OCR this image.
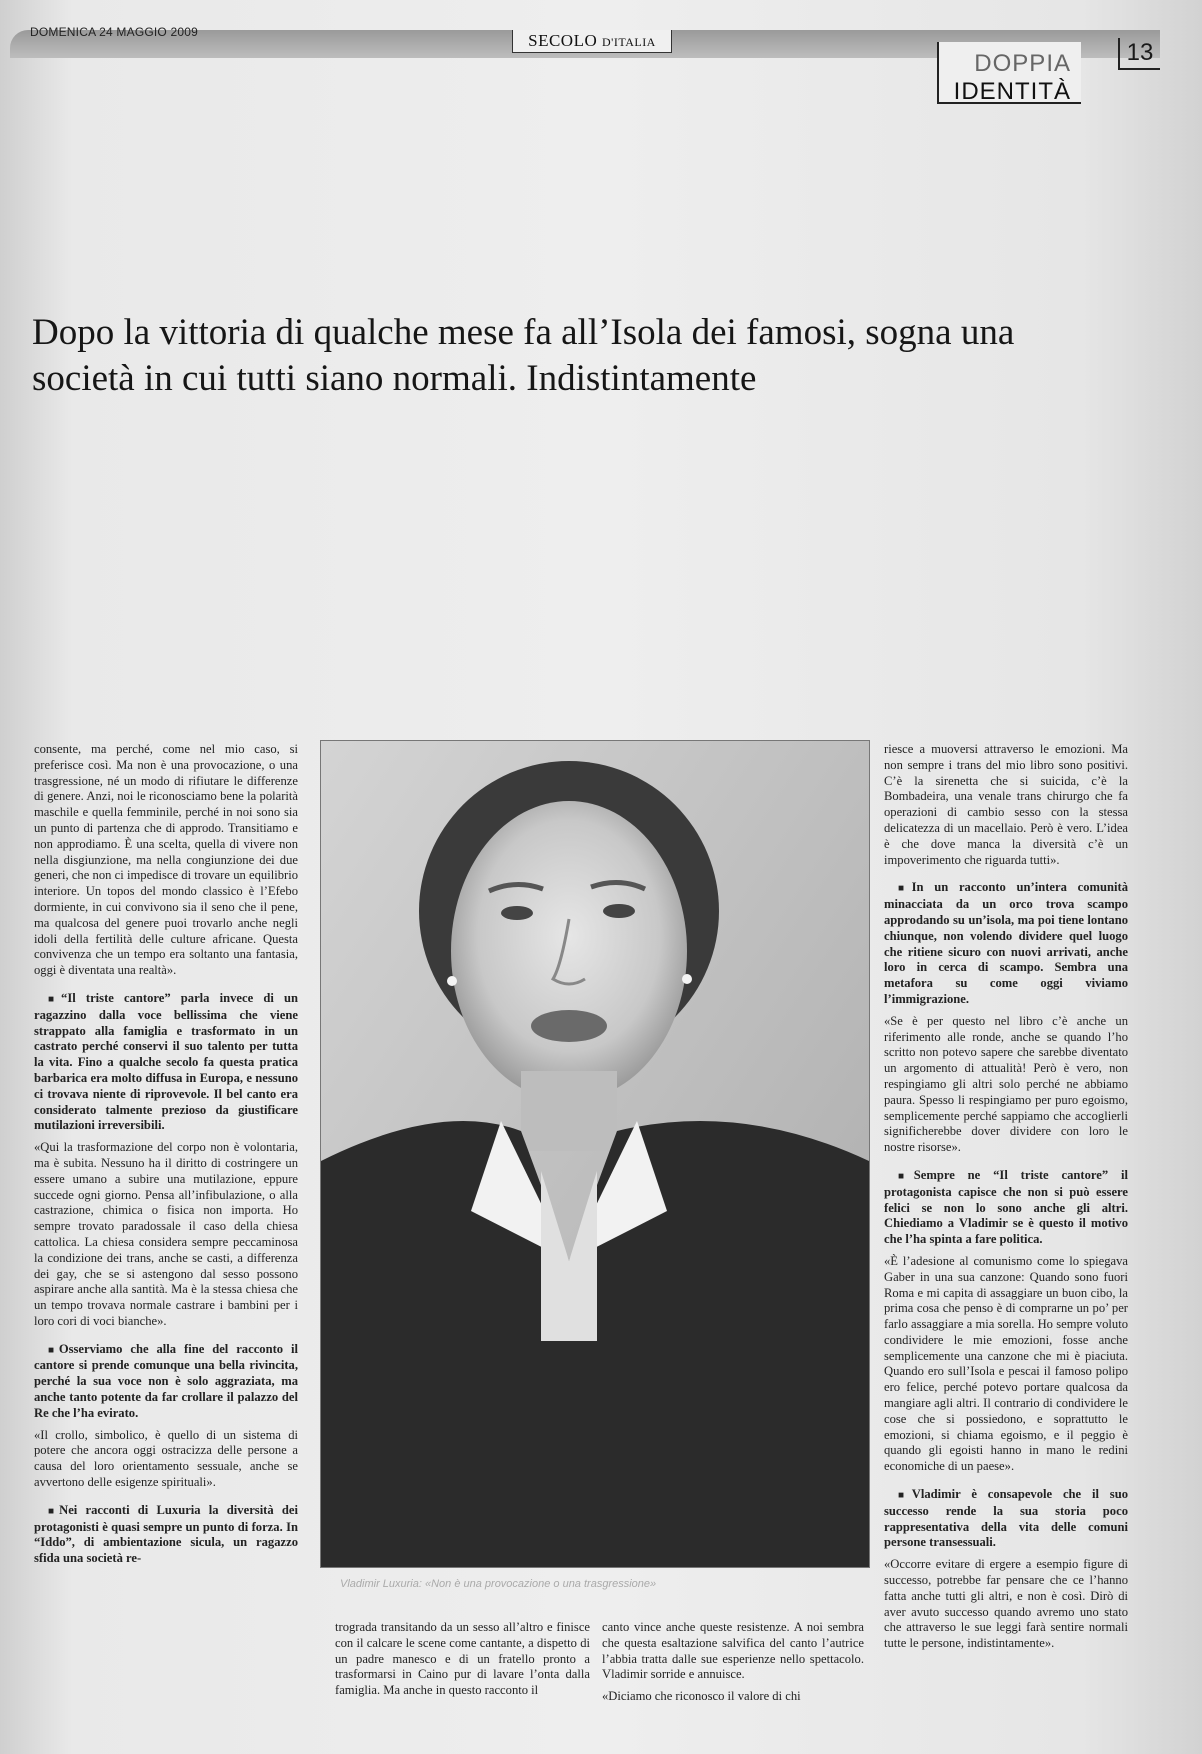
DOMENICA 24 MAGGIO 2009	SECOLO D'ITALIA
DOPPIA
IDENTITÀ
13
Dopo la vittoria di qualche mese fa all’Isola dei famosi, sogna una società in cui tutti siano normali. Indistintamente

consente, ma perché, come nel mio caso, si preferisce così. Ma non è una provocazione, o una trasgressione, né un modo di rifiutare le differenze di genere. Anzi, noi le riconosciamo bene la polarità maschile e quella femminile, perché in noi sono sia un punto di partenza che di approdo. Transitiamo e non approdiamo. È una scelta, quella di vivere non nella disgiunzione, ma nella congiunzione dei due generi, che non ci impedisce di trovare un equilibrio interiore. Un topos del mondo classico è l’Efebo dormiente, in cui convivono sia il seno che il pene, ma qualcosa del genere puoi trovarlo anche negli idoli della fertilità delle culture africane. Questa convivenza che un tempo era soltanto una fantasia, oggi è diventata una realtà».

■ “Il triste cantore” parla invece di un ragazzino dalla voce bellissima che viene strappato alla famiglia e trasformato in un castrato perché conservi il suo talento per tutta la vita. Fino a qualche secolo fa questa pratica barbarica era molto diffusa in Europa, e nessuno ci trovava niente di riprovevole. Il bel canto era considerato talmente prezioso da giustificare mutilazioni irreversibili.

«Qui la trasformazione del corpo non è volontaria, ma è subita. Nessuno ha il diritto di costringere un essere umano a subire una mutilazione, eppure succede ogni giorno. Pensa all’infibulazione, o alla castrazione, chimica o fisica non importa. Ho sempre trovato paradossale il caso della chiesa cattolica. La chiesa considera sempre peccaminosa la condizione dei trans, anche se casti, a differenza dei gay, che se si astengono dal sesso possono aspirare anche alla santità. Ma è la stessa chiesa che un tempo trovava normale castrare i bambini per i loro cori di voci bianche».

■ Osserviamo che alla fine del racconto il cantore si prende comunque una bella rivincita, perché la sua voce non è solo aggraziata, ma anche tanto potente da far crollare il palazzo del Re che l’ha evirato.

«Il crollo, simbolico, è quello di un sistema di potere che ancora oggi ostracizza delle persone a causa del loro orientamento sessuale, anche se avvertono delle esigenze spirituali».

■ Nei racconti di Luxuria la diversità dei protagonisti è quasi sempre un punto di forza. In “Iddo”, di ambientazione sicula, un ragazzo sfida una società re-

Vladimir Luxuria: «Non è una provocazione o una trasgressione»

trograda transitando da un sesso all’altro e finisce con il calcare le scene come cantante, a dispetto di un padre manesco e di un fratello pronto a trasformarsi in Caino pur di lavare l’onta dalla famiglia. Ma anche in questo racconto il

canto vince anche queste resistenze. A noi sembra che questa esaltazione salvifica del canto l’autrice l’abbia tratta dalle sue esperienze nello spettacolo. Vladimir sorride e annuisce.

«Diciamo che riconosco il valore di chi

riesce a muoversi attraverso le emozioni. Ma non sempre i trans del mio libro sono positivi. C’è la sirenetta che si suicida, c’è la Bombadeira, una venale trans chirurgo che fa operazioni di cambio sesso con la stessa delicatezza di un macellaio. Però è vero. L’idea è che dove manca la diversità c’è un impoverimento che riguarda tutti».

■ In un racconto un’intera comunità minacciata da un orco trova scampo approdando su un’isola, ma poi tiene lontano chiunque, non volendo dividere quel luogo che ritiene sicuro con nuovi arrivati, anche loro in cerca di scampo. Sembra una metafora su come oggi viviamo l’immigrazione.

«Se è per questo nel libro c’è anche un riferimento alle ronde, anche se quando l’ho scritto non potevo sapere che sarebbe diventato un argomento di attualità! Però è vero, non respingiamo gli altri solo perché ne abbiamo paura. Spesso li respingiamo per puro egoismo, semplicemente perché sappiamo che accoglierli significherebbe dover dividere con loro le nostre risorse».

■ Sempre ne “Il triste cantore” il protagonista capisce che non si può essere felici se non lo sono anche gli altri. Chiediamo a Vladimir se è questo il motivo che l’ha spinta a fare politica.

«È l’adesione al comunismo come lo spiegava Gaber in una sua canzone: Quando sono fuori Roma e mi capita di assaggiare un buon cibo, la prima cosa che penso è di comprarne un po’ per farlo assaggiare a mia sorella. Ho sempre voluto condividere le mie emozioni, fosse anche semplicemente una canzone che mi è piaciuta. Quando ero sull’Isola e pescai il famoso polipo ero felice, perché potevo portare qualcosa da mangiare agli altri. Il contrario di condividere le cose che si possiedono, e soprattutto le emozioni, si chiama egoismo, e il peggio è quando gli egoisti hanno in mano le redini economiche di un paese».

■ Vladimir è consapevole che il suo successo rende la sua storia poco rappresentativa della vita delle comuni persone transessuali.

«Occorre evitare di ergere a esempio figure di successo, potrebbe far pensare che ce l’hanno fatta anche tutti gli altri, e non è così. Dirò di aver avuto successo quando avremo uno stato che attraverso le sue leggi farà sentire normali tutte le persone, indistintamente».
